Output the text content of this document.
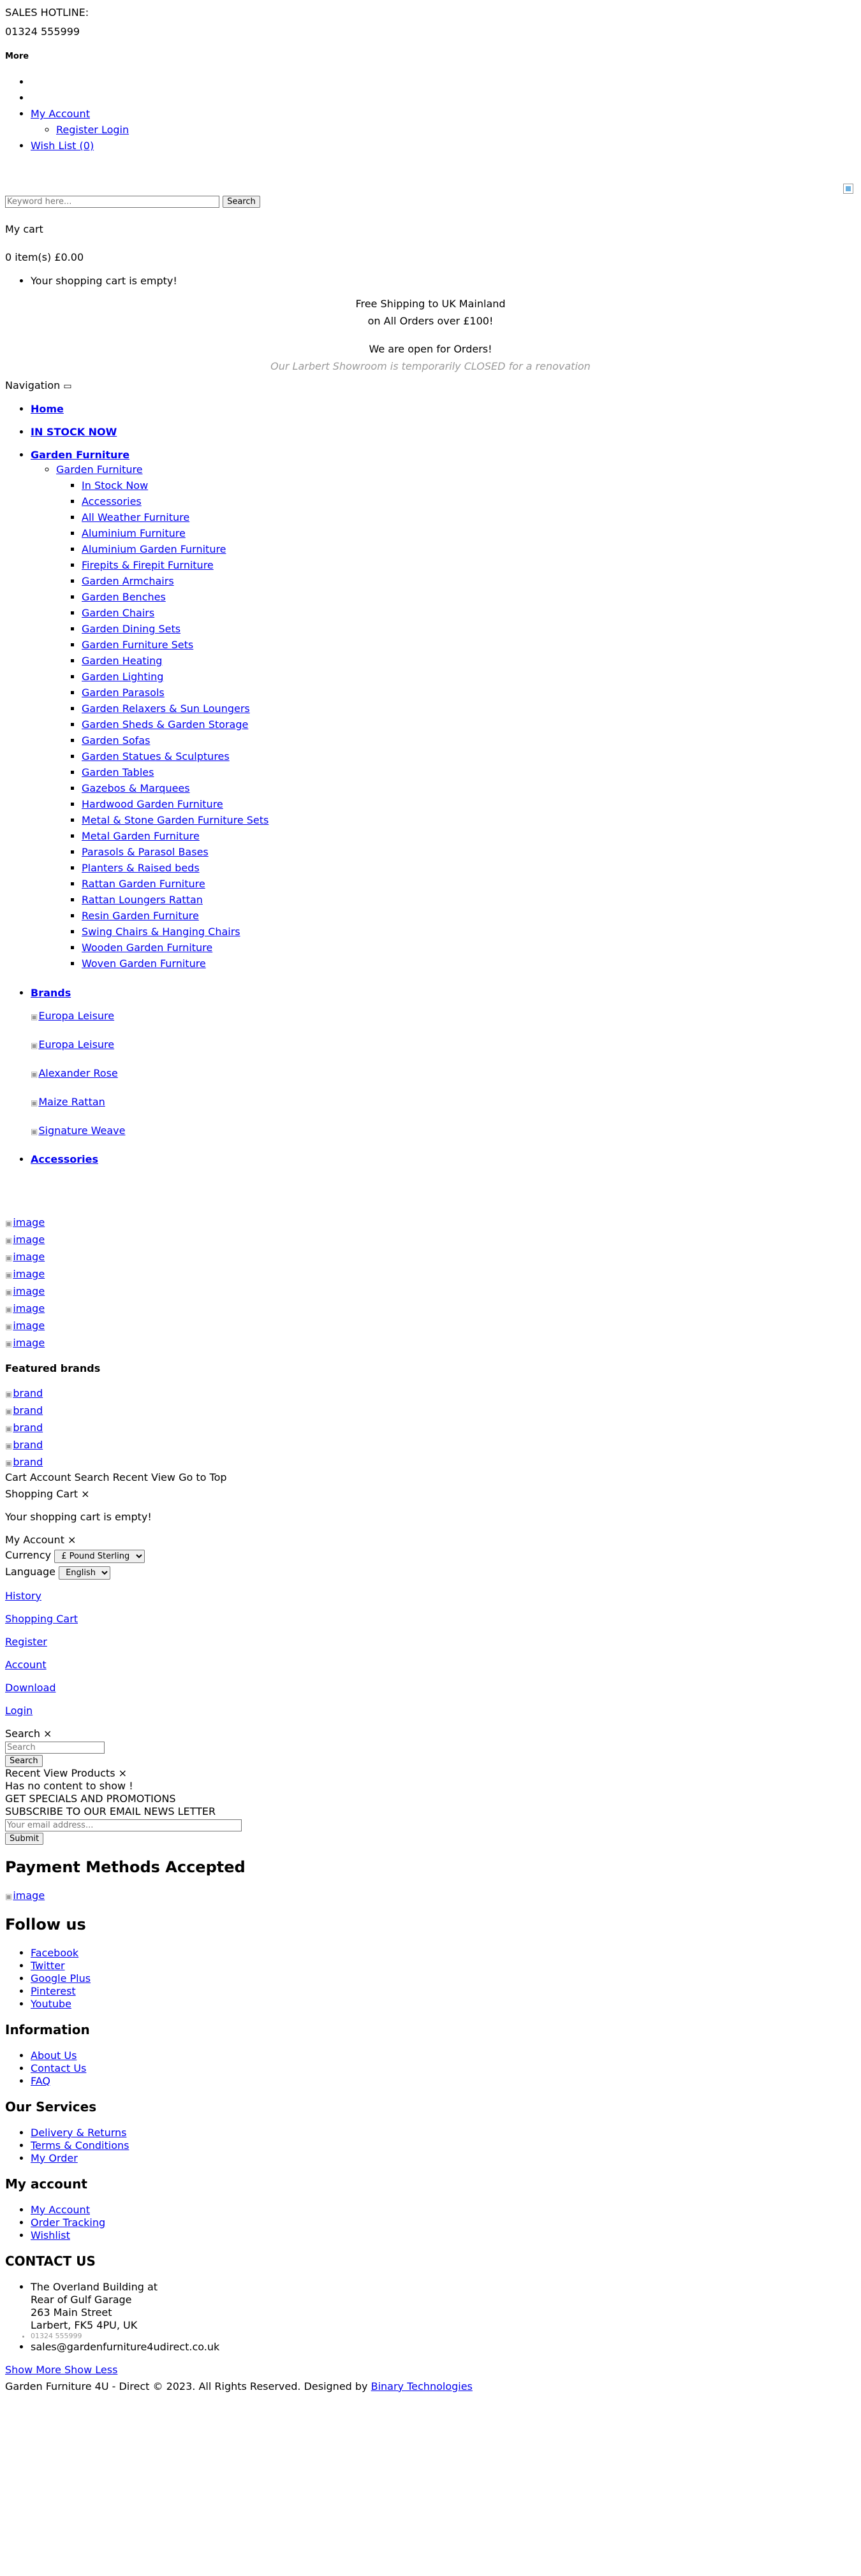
SALES HOTLINE:
01324 555999
More
•
•
• My Account
◦ Register Login
• Wish List (0)
Keyword here... Search
My cart
0 item(s) £0.00
• Your shopping cart is empty!
Free Shipping to UK Mainland
on All Orders over £100!
We are open for Orders!
Our Larbert Showroom is temporarily CLOSED for a renovation
Navigation ▭
• Home
• IN STOCK NOW
• Garden Furniture
◦ Garden Furniture
▪ In Stock Now
▪ Accessories
▪ All Weather Furniture
▪ Aluminium Furniture
▪ Aluminium Garden Furniture
▪ Firepits & Firepit Furniture
▪ Garden Armchairs
▪ Garden Benches
▪ Garden Chairs
▪ Garden Dining Sets
▪ Garden Furniture Sets
▪ Garden Heating
▪ Garden Lighting
▪ Garden Parasols
▪ Garden Relaxers & Sun Loungers
▪ Garden Sheds & Garden Storage
▪ Garden Sofas
▪ Garden Statues & Sculptures
▪ Garden Tables
▪ Gazebos & Marquees
▪ Hardwood Garden Furniture
▪ Metal & Stone Garden Furniture Sets
▪ Metal Garden Furniture
▪ Parasols & Parasol Bases
▪ Planters & Raised beds
▪ Rattan Garden Furniture
▪ Rattan Loungers Rattan
▪ Resin Garden Furniture
▪ Swing Chairs & Hanging Chairs
▪ Wooden Garden Furniture
▪ Woven Garden Furniture
• Brands
▣ Europa Leisure
▣ Europa Leisure
▣ Alexander Rose
▣ Maize Rattan
▣ Signature Weave
• Accessories
▣ image
▣ image
▣ image
▣ image
▣ image
▣ image
▣ image
▣ image
Featured brands
▣ brand
▣ brand
▣ brand
▣ brand
▣ brand
Cart Account Search Recent View Go to Top
Shopping Cart ×

Your shopping cart is empty!

My Account ×
Currency
£ Pound Sterling
Language
English

History

Shopping Cart

Register

Account

Download

Login

Search ×
Search
Search
Recent View Products ×
Has no content to show !
GET SPECIALS AND PROMOTIONS
SUBSCRIBE TO OUR EMAIL NEWS LETTER
Your email address...
Submit
Payment Methods Accepted
▣ image
Follow us
• Facebook
• Twitter
• Google Plus
• Pinterest
• Youtube
Information
• About Us
• Contact Us
• FAQ
Our Services
• Delivery & Returns
• Terms & Conditions
• My Order
My account
• My Account
• Order Tracking
• Wishlist
CONTACT US
• The Overland Building at
Rear of Gulf Garage
263 Main Street
Larbert, FK5 4PU, UK
• 01324 555999
• sales@gardenfurniture4udirect.co.uk
Show More Show Less
Garden Furniture 4U - Direct © 2023. All Rights Reserved. Designed by Binary Technologies
